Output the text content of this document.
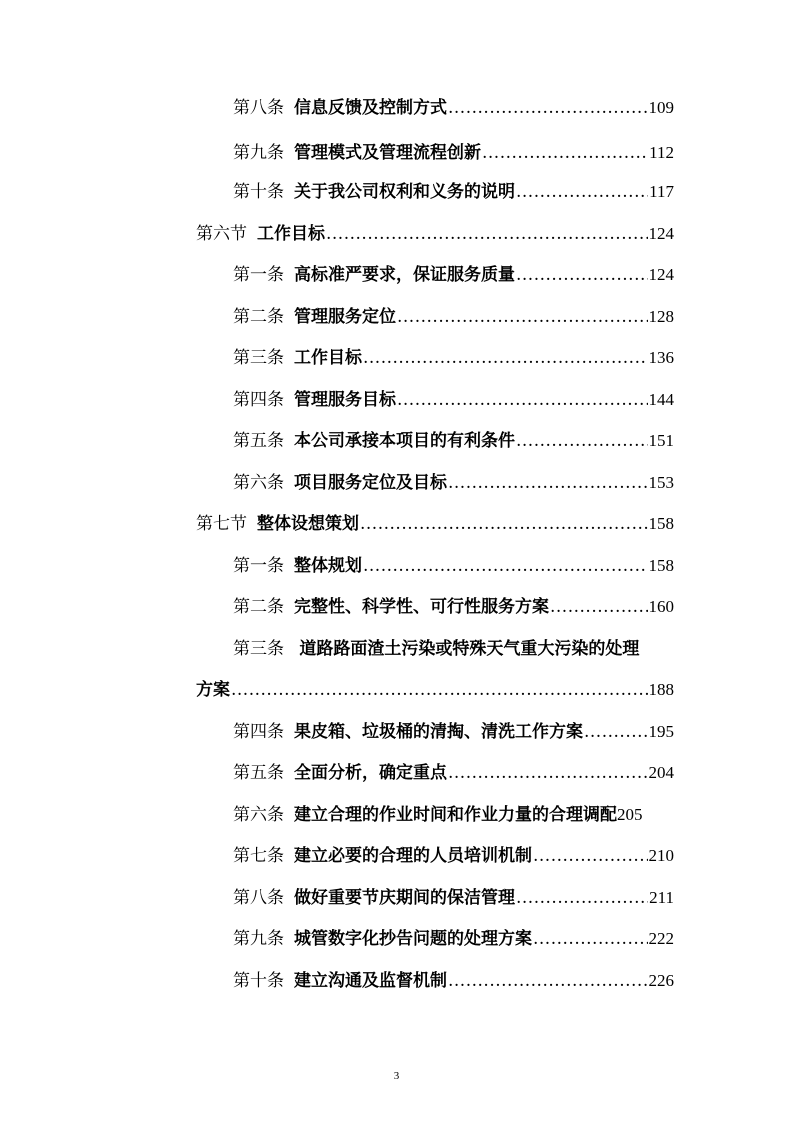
第八条 信息反馈及控制方式 .....	109
第九条 管理模式及管理流程创新 .....	112
第十条 关于我公司权利和义务的说明 .....	117
第六节 工作目标 .....	124
第一条 高标准严要求，保证服务质量 .....	124
第二条 管理服务定位 .....	128
第三条 工作目标 .....	136
第四条 管理服务目标 .....	144
第五条 本公司承接本项目的有利条件 .....	151
第六条 项目服务定位及目标 .....	153
第七节 整体设想策划 .....	158
第一条 整体规划 .....	158
第二条 完整性、科学性、可行性服务方案 .....	160
第三条 道路路面渣土污染或特殊天气重大污染的处理
方案 .....	188
第四条 果皮箱、垃圾桶的清掏、清洗工作方案 .....	195
第五条 全面分析，确定重点 .....	204
第六条 建立合理的作业时间和作业力量的合理调配 205
第七条 建立必要的合理的人员培训机制 .....	210
第八条 做好重要节庆期间的保洁管理 .....	211
第九条 城管数字化抄告问题的处理方案 .....	222
第十条 建立沟通及监督机制 .....	226
3
